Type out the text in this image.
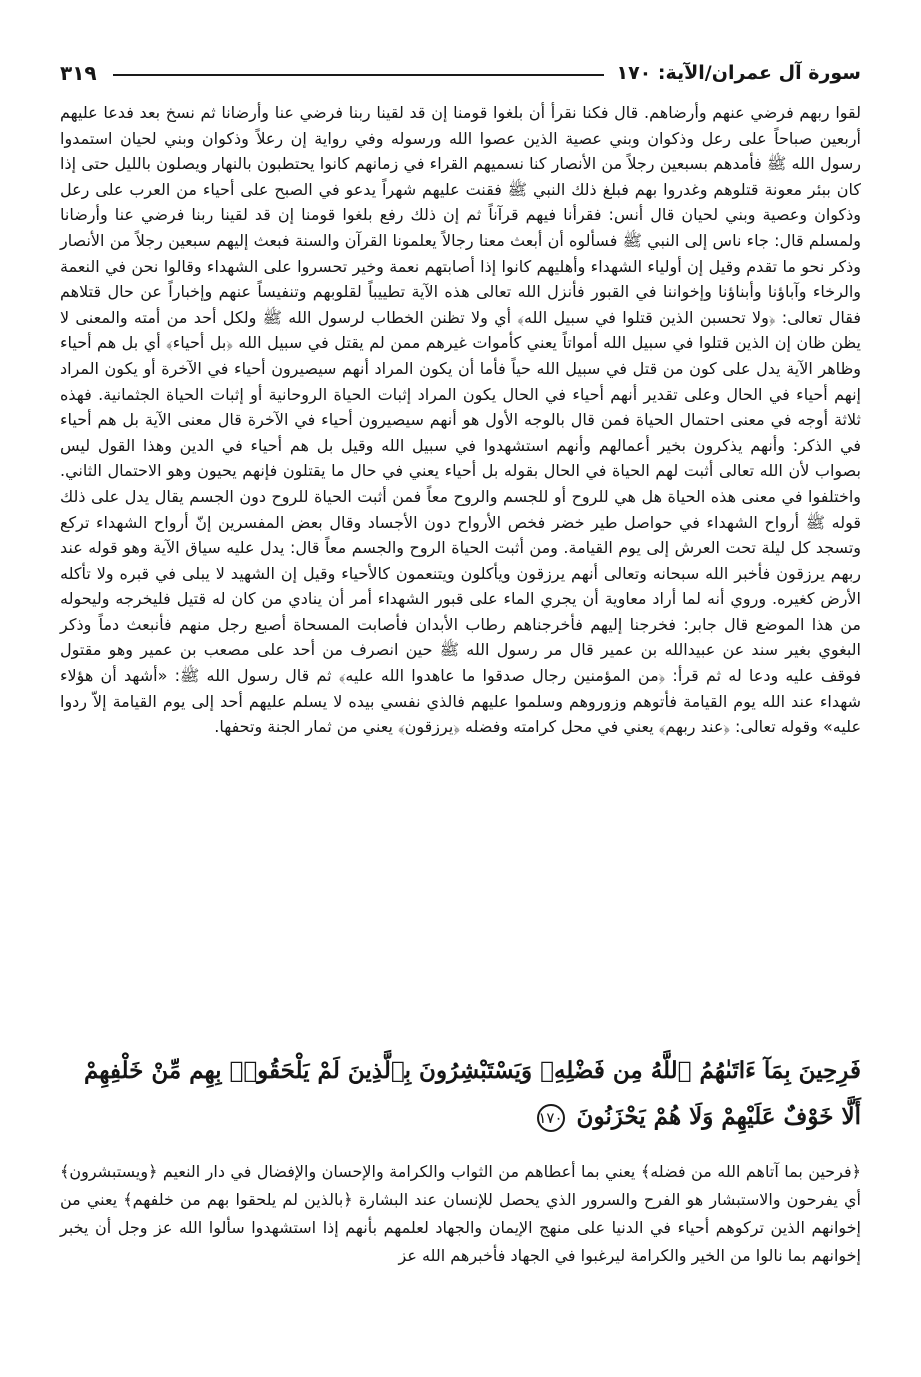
سورة آل عمران/الآية: ١٧٠
٣١٩

لقوا ربهم فرضي عنهم وأرضاهم. قال فكنا نقرأ أن بلغوا قومنا إن قد لقينا ربنا فرضي عنا وأرضانا ثم نسخ بعد فدعا عليهم أربعين صباحاً على رعل وذكوان وبني عصية الذين عصوا الله ورسوله وفي رواية إن رعلاً وذكوان وبني لحيان استمدوا رسول الله ﷺ فأمدهم بسبعين رجلاً من الأنصار كنا نسميهم القراء في زمانهم كانوا يحتطبون بالنهار ويصلون بالليل حتى إذا كان ببئر معونة قتلوهم وغدروا بهم فبلغ ذلك النبي ﷺ فقنت عليهم شهراً يدعو في الصبح على أحياء من العرب على رعل وذكوان وعصية وبني لحيان قال أنس: فقرأنا فيهم قرآناً ثم إن ذلك رفع بلغوا قومنا إن قد لقينا ربنا فرضي عنا وأرضانا ولمسلم قال: جاء ناس إلى النبي ﷺ فسألوه أن أبعث معنا رجالاً يعلمونا القرآن والسنة فبعث إليهم سبعين رجلاً من الأنصار وذكر نحو ما تقدم وقيل إن أولياء الشهداء وأهليهم كانوا إذا أصابتهم نعمة وخير تحسروا على الشهداء وقالوا نحن في النعمة والرخاء وآباؤنا وأبناؤنا وإخواننا في القبور فأنزل الله تعالى هذه الآية تطييباً لقلوبهم وتنفيساً عنهم وإخباراً عن حال قتلاهم فقال تعالى: ﴿ولا تحسبن الذين قتلوا في سبيل الله﴾ أي ولا تظنن الخطاب لرسول الله ﷺ ولكل أحد من أمته والمعنى لا يظن ظان إن الذين قتلوا في سبيل الله أمواتاً يعني كأموات غيرهم ممن لم يقتل في سبيل الله ﴿بل أحياء﴾ أي بل هم أحياء وظاهر الآية يدل على كون من قتل في سبيل الله حياً فأما أن يكون المراد أنهم سيصيرون أحياء في الآخرة أو يكون المراد إنهم أحياء في الحال وعلى تقدير أنهم أحياء في الحال يكون المراد إثبات الحياة الروحانية أو إثبات الحياة الجثمانية. فهذه ثلاثة أوجه في معنى احتمال الحياة فمن قال بالوجه الأول هو أنهم سيصيرون أحياء في الآخرة قال معنى الآية بل هم أحياء في الذكر: وأنهم يذكرون بخير أعمالهم وأنهم استشهدوا في سبيل الله وقيل بل هم أحياء في الدين وهذا القول ليس بصواب لأن الله تعالى أثبت لهم الحياة في الحال بقوله بل أحياء يعني في حال ما يقتلون فإنهم يحيون وهو الاحتمال الثاني. واختلفوا في معنى هذه الحياة هل هي للروح أو للجسم والروح معاً فمن أثبت الحياة للروح دون الجسم يقال يدل على ذلك قوله ﷺ أرواح الشهداء في حواصل طير خضر فخص الأرواح دون الأجساد وقال بعض المفسرين إنّ أرواح الشهداء تركع وتسجد كل ليلة تحت العرش إلى يوم القيامة. ومن أثبت الحياة الروح والجسم معاً قال: يدل عليه سياق الآية وهو قوله عند ربهم يرزقون فأخبر الله سبحانه وتعالى أنهم يرزقون ويأكلون ويتنعمون كالأحياء وقيل إن الشهيد لا يبلى في قبره ولا تأكله الأرض كغيره. وروي أنه لما أراد معاوية أن يجري الماء على قبور الشهداء أمر أن ينادي من كان له قتيل فليخرجه وليحوله من هذا الموضع قال جابر: فخرجنا إليهم فأخرجناهم رطاب الأبدان فأصابت المسحاة أصبع رجل منهم فأنبعث دماً وذكر البغوي بغير سند عن عبيدالله بن عمير قال مر رسول الله ﷺ حين انصرف من أحد على مصعب بن عمير وهو مقتول فوقف عليه ودعا له ثم قرأ: ﴿من المؤمنين رجال صدقوا ما عاهدوا الله عليه﴾ ثم قال رسول الله ﷺ: «أشهد أن هؤلاء شهداء عند الله يوم القيامة فأتوهم وزوروهم وسلموا عليهم فالذي نفسي بيده لا يسلم عليهم أحد إلى يوم القيامة إلاّ ردوا عليه» وقوله تعالى: ﴿عند ربهم﴾ يعني في محل كرامته وفضله ﴿يرزقون﴾ يعني من ثمار الجنة وتحفها.

فَرِحِينَ بِمَآ ءَاتَىٰهُمُ ٱللَّهُ مِن فَضْلِهِۦ وَيَسْتَبْشِرُونَ بِٱلَّذِينَ لَمْ يَلْحَقُوا۟ بِهِم مِّنْ خَلْفِهِمْ أَلَّا خَوْفٌ عَلَيْهِمْ وَلَا هُمْ يَحْزَنُونَ ١٧٠

﴿فرحين بما آتاهم الله من فضله﴾ يعني بما أعطاهم من الثواب والكرامة والإحسان والإفضال في دار النعيم ﴿ويستبشرون﴾ أي يفرحون والاستبشار هو الفرح والسرور الذي يحصل للإنسان عند البشارة ﴿بالذين لم يلحقوا بهم من خلفهم﴾ يعني من إخوانهم الذين تركوهم أحياء في الدنيا على منهج الإيمان والجهاد لعلمهم بأنهم إذا استشهدوا سألوا الله عز وجل أن يخبر إخوانهم بما نالوا من الخير والكرامة ليرغبوا في الجهاد فأخبرهم الله عز
